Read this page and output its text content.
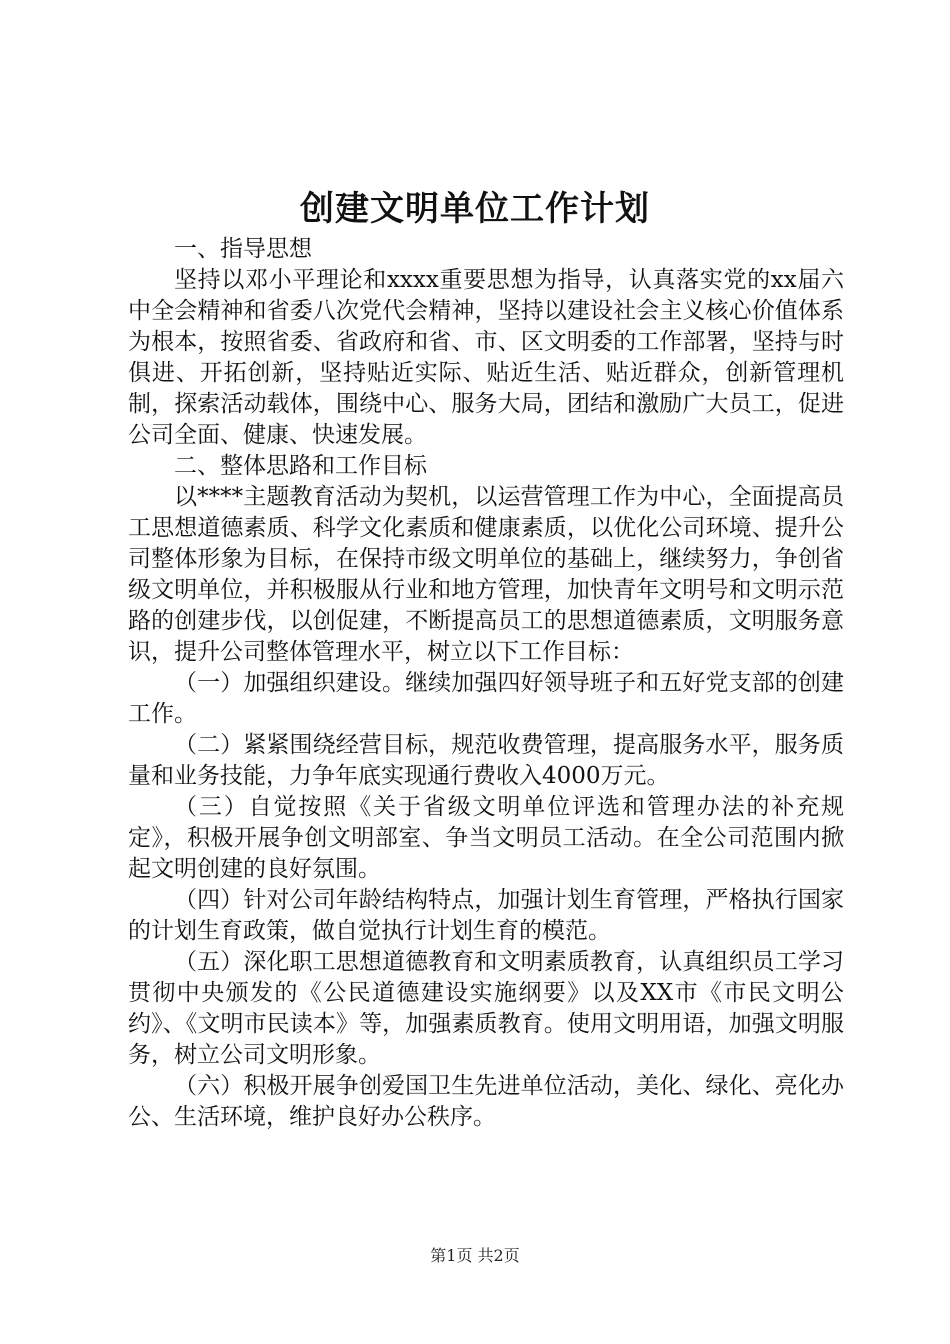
创建文明单位工作计划

一、指导思想

坚持以邓小平理论和xxxx重要思想为指导，认真落实党的xx届六中全会精神和省委八次党代会精神，坚持以建设社会主义核心价值体系为根本，按照省委、省政府和省、市、区文明委的工作部署，坚持与时俱进、开拓创新，坚持贴近实际、贴近生活、贴近群众，创新管理机制，探索活动载体，围绕中心、服务大局，团结和激励广大员工，促进公司全面、健康、快速发展。

二、整体思路和工作目标

以****主题教育活动为契机，以运营管理工作为中心，全面提高员工思想道德素质、科学文化素质和健康素质，以优化公司环境、提升公司整体形象为目标，在保持市级文明单位的基础上，继续努力，争创省级文明单位，并积极服从行业和地方管理，加快青年文明号和文明示范路的创建步伐，以创促建，不断提高员工的思想道德素质，文明服务意识，提升公司整体管理水平，树立以下工作目标：

（一）加强组织建设。继续加强四好领导班子和五好党支部的创建工作。

（二）紧紧围绕经营目标，规范收费管理，提高服务水平，服务质量和业务技能，力争年底实现通行费收入4000万元。

（三）自觉按照《关于省级文明单位评选和管理办法的补充规定》，积极开展争创文明部室、争当文明员工活动。在全公司范围内掀起文明创建的良好氛围。

（四）针对公司年龄结构特点，加强计划生育管理，严格执行国家的计划生育政策，做自觉执行计划生育的模范。

（五）深化职工思想道德教育和文明素质教育，认真组织员工学习贯彻中央颁发的《公民道德建设实施纲要》以及XX市《市民文明公约》、《文明市民读本》等，加强素质教育。使用文明用语，加强文明服务，树立公司文明形象。

（六）积极开展争创爱国卫生先进单位活动，美化、绿化、亮化办公、生活环境，维护良好办公秩序。

第1页 共2页
